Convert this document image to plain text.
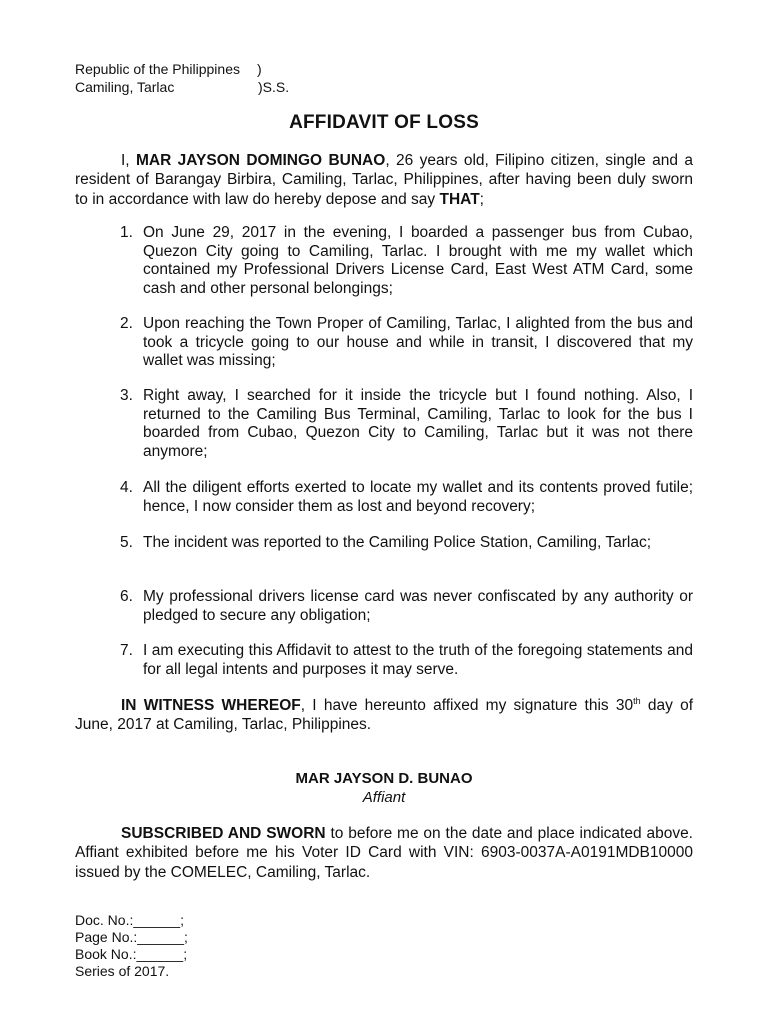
Republic of the Philippines )
Camiling, Tarlac	)S.S.
AFFIDAVIT OF LOSS
I, MAR JAYSON DOMINGO BUNAO, 26 years old, Filipino citizen, single and a resident of Barangay Birbira, Camiling, Tarlac, Philippines, after having been duly sworn to in accordance with law do hereby depose and say THAT;
1. On June 29, 2017 in the evening, I boarded a passenger bus from Cubao, Quezon City going to Camiling, Tarlac. I brought with me my wallet which contained my Professional Drivers License Card, East West ATM Card, some cash and other personal belongings;
2. Upon reaching the Town Proper of Camiling, Tarlac, I alighted from the bus and took a tricycle going to our house and while in transit, I discovered that my wallet was missing;
3. Right away, I searched for it inside the tricycle but I found nothing. Also, I returned to the Camiling Bus Terminal, Camiling, Tarlac to look for the bus I boarded from Cubao, Quezon City to Camiling, Tarlac but it was not there anymore;
4. All the diligent efforts exerted to locate my wallet and its contents proved futile; hence, I now consider them as lost and beyond recovery;
5. The incident was reported to the Camiling Police Station, Camiling, Tarlac;
6. My professional drivers license card was never confiscated by any authority or pledged to secure any obligation;
7. I am executing this Affidavit to attest to the truth of the foregoing statements and for all legal intents and purposes it may serve.
IN WITNESS WHEREOF, I have hereunto affixed my signature this 30th day of June, 2017 at Camiling, Tarlac, Philippines.
MAR JAYSON D. BUNAO
Affiant
SUBSCRIBED AND SWORN to before me on the date and place indicated above. Affiant exhibited before me his Voter ID Card with VIN: 6903-0037A-A0191MDB10000 issued by the COMELEC, Camiling, Tarlac.
Doc. No.:______;
Page No.:______;
Book No.:______;
Series of 2017.
